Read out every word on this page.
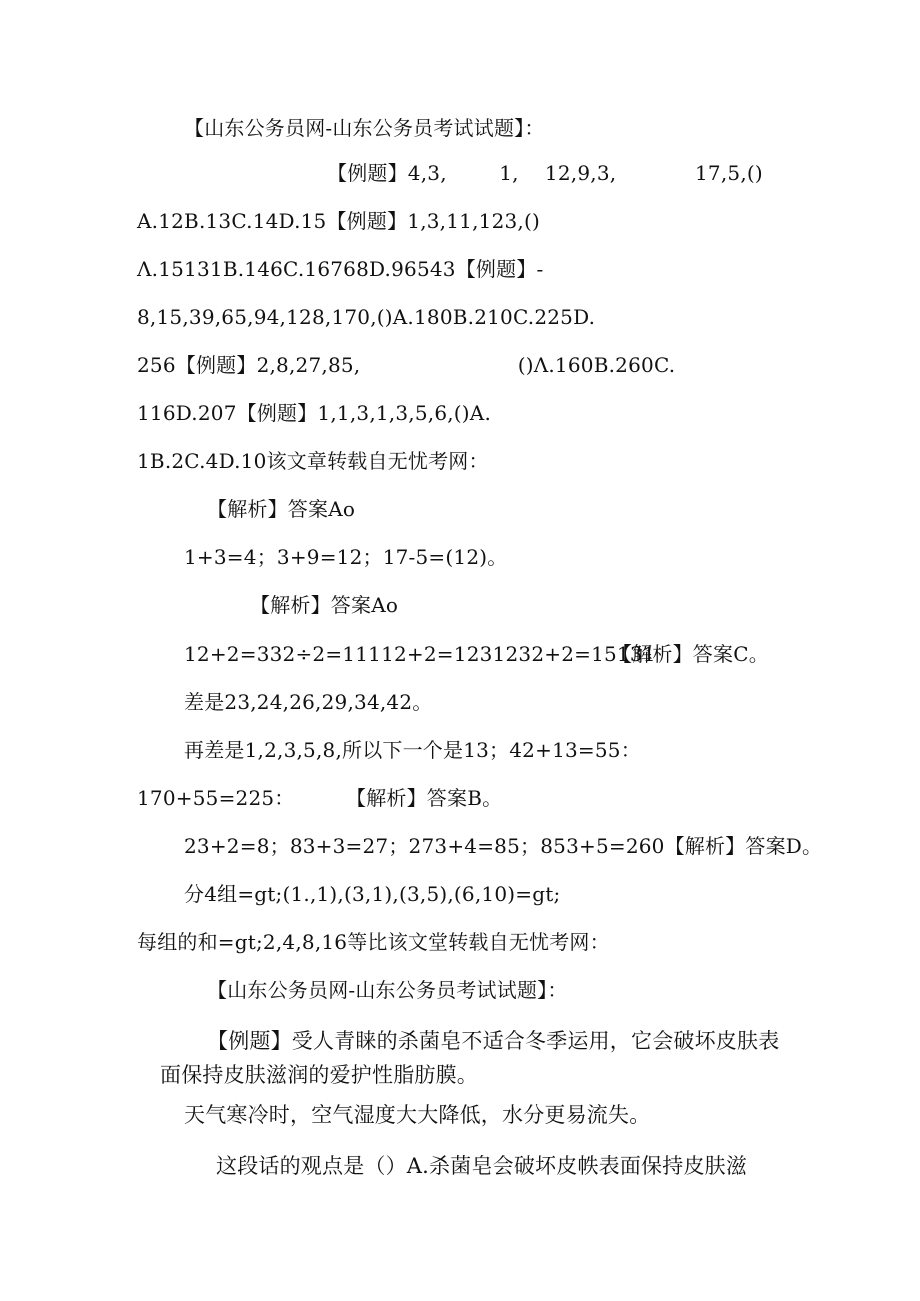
【山东公务员网-山东公务员考试试题】：
【例题】4,3,        1,    12,9,3,            17,5,()
A.12B.13C.14D.15【例题】1,3,11,123,()
Λ.15131B.146C.16768D.96543【例题】-
8,15,39,65,94,128,170,()A.180B.210C.225D.
256【例题】2,8,27,85,                        ()Λ.160B.260C.
116D.207【例题】1,1,3,1,3,5,6,()A.
1B.2C.4D.10该文章转载自无忧考网：
【解析】答案Ao
1+3=4；3+9=12；17-5=(12)。
【解析】答案Ao
12+2=332÷2=11112+2=1231232+2=15131
【解析】答案C。
差是23,24,26,29,34,42。
再差是1,2,3,5,8,所以下一个是13；42+13=55：
170+55=225：	【解析】答案B。
23+2=8；83+3=27；273+4=85；853+5=260【解析】答案D。
分4组=gt;(1.,1),(3,1),(3,5),(6,10)=gt;
每组的和=gt;2,4,8,16等比该文堂转载自无忧考网：
【山东公务员网-山东公务员考试试题】：
【例题】受人青睐的杀菌皂不适合冬季运用，它会破坏皮肤表
面保持皮肤滋润的爱护性脂肪膜。
天气寒冷时，空气湿度大大降低，水分更易流失。
这段话的观点是（）A.杀菌皂会破坏皮帙表面保持皮肤滋
